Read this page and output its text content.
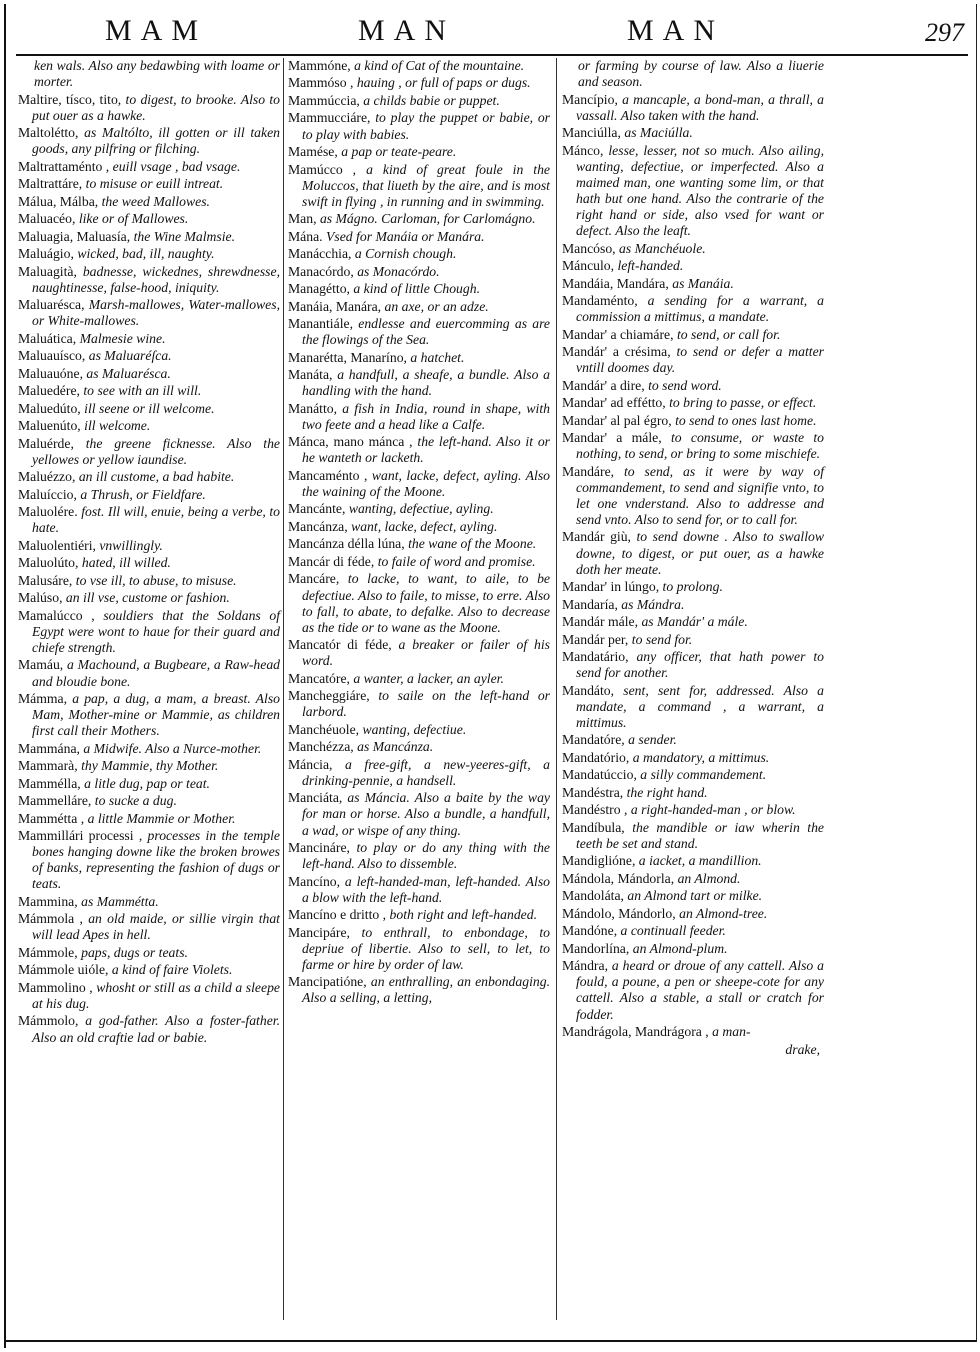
MAM	MAN	MAN	297
ken wals. Also any bedawbing with loame or morter.
Maltire, tísco, tito, to digest, to brooke. Also to put ouer as a hawke.
Maltolétto, as Maltólto, ill gotten or ill taken goods, any pilfring or filching.
Maltrattaménto , euill vsage , bad vsage.
Maltrattáre, to misuse or euill intreat.
Málua, Málba, the weed Mallowes.
Maluacéo, like or of Mallowes.
Maluagia, Maluasía, the Wine Malmsie.
Maluágio, wicked, bad, ill, naughty.
Maluagità, badnesse, wickednes, shrewdnesse, naughtinesse, false-hood, iniquity.
Maluarésca, Marsh-mallowes, Water-mallowes, or White-mallowes.
Maluática, Malmesie wine.
Maluauísco, as Maluaréſca.
Maluauóne, as Maluarésca.
Maluedére, to see with an ill will.
Maluedúto, ill seene or ill welcome.
Maluenúto, ill welcome.
Maluérde, the greene ficknesse. Also the yellowes or yellow iaundise.
Maluézzo, an ill custome, a bad habite.
Maluíccio, a Thrush, or Fieldfare.
Maluolére. fost. Ill will, enuie, being a verbe, to hate.
Maluolentiéri, vnwillingly.
Maluolúto, hated, ill willed.
Malusáre, to vse ill, to abuse, to misuse.
Malúso, an ill vse, custome or fashion.
Mamalúcco , souldiers that the Soldans of Egypt were wont to haue for their guard and chiefe strength.
Mamáu, a Machound, a Bugbeare, a Raw-head and bloudie bone.
Mámma, a pap, a dug, a mam, a breast. Also Mam, Mother-mine or Mammie, as children first call their Mothers.
Mammána, a Midwife. Also a Nurce-mother.
Mammarà, thy Mammie, thy Mother.
Mammélla, a litle dug, pap or teat.
Mammelláre, to sucke a dug.
Mammétta , a little Mammie or Mother.
Mammillári processi , processes in the temple bones hanging downe like the broken browes of banks, representing the fashion of dugs or teats.
Mammina, as Mammétta.
Mámmola , an old maide, or sillie virgin that will lead Apes in hell.
Mámmole, paps, dugs or teats.
Mámmole uióle, a kind of faire Violets.
Mammolino , whosht or still as a child a sleepe at his dug.
Mámmolo, a god-father. Also a foster-father. Also an old craftie lad or babie.
Mammóne, a kind of Cat of the mountaine.
Mammóso , hauing , or full of paps or dugs.
Mammúccia, a childs babie or puppet.
Mammucciáre, to play the puppet or babie, or to play with babies.
Mamése, a pap or teate-peare.
Mamúcco , a kind of great foule in the Moluccos, that liueth by the aire, and is most swift in flying , in running and in swimming.
Man, as Mágno. Carloman, for Carlomágno.
Mána. Vsed for Manáia or Manára.
Manácchia, a Cornish chough.
Manacórdo, as Monacórdo.
Managétto, a kind of little Chough.
Manáia, Manára, an axe, or an adze.
Manantiále, endlesse and euercomming as are the flowings of the Sea.
Manarétta, Manaríno, a hatchet.
Manáta, a handfull, a sheafe, a bundle. Also a handling with the hand.
Manátto, a fish in India, round in shape, with two feete and a head like a Calfe.
Mánca, mano mánca , the left-hand. Also it or he wanteth or lacketh.
Mancaménto , want, lacke, defect, ayling. Also the waining of the Moone.
Mancánte, wanting, defectiue, ayling.
Mancánza, want, lacke, defect, ayling.
Mancánza délla lúna, the wane of the Moone.
Mancár di féde, to faile of word and promise.
Mancáre, to lacke, to want, to aile, to be defectiue. Also to faile, to misse, to erre. Also to fall, to abate, to defalke. Also to decrease as the tide or to wane as the Moone.
Mancatór di féde, a breaker or failer of his word.
Mancatóre, a wanter, a lacker, an ayler.
Mancheggiáre, to saile on the left-hand or larbord.
Manchéuole, wanting, defectiue.
Manchézza, as Mancánza.
Máncia, a free-gift, a new-yeeres-gift, a drinking-pennie, a handsell.
Manciáta, as Máncia. Also a baite by the way for man or horse. Also a bundle, a handfull, a wad, or wispe of any thing.
Mancináre, to play or do any thing with the left-hand. Also to dissemble.
Mancíno, a left-handed-man, left-handed. Also a blow with the left-hand.
Mancíno e dritto , both right and left-handed.
Mancipáre, to enthrall, to enbondage, to depriue of libertie. Also to sell, to let, to farme or hire by order of law.
Mancipatióne, an enthralling, an enbondaging. Also a selling, a letting,
or farming by course of law. Also a liuerie and season.
Mancípio, a mancaple, a bond-man, a thrall, a vassall. Also taken with the hand.
Manciúlla, as Maciúlla.
Mánco, lesse, lesser, not so much. Also ailing, wanting, defectiue, or imperfected. Also a maimed man, one wanting some lim, or that hath but one hand. Also the contrarie of the right hand or side, also vsed for want or defect. Also the leaft.
Mancóso, as Manchéuole.
Mánculo, left-handed.
Mandáia, Mandára, as Manáia.
Mandaménto, a sending for a warrant, a commission a mittimus, a mandate.
Mandar' a chiamáre, to send, or call for.
Mandár' a crésima, to send or defer a matter vntill doomes day.
Mandár' a dire, to send word.
Mandar' ad effétto, to bring to passe, or effect.
Mandar' al pal égro, to send to ones last home.
Mandar' a mále, to consume, or waste to nothing, to send, or bring to some mischiefe.
Mandáre, to send, as it were by way of commandement, to send and signifie vnto, to let one vnderstand. Also to addresse and send vnto. Also to send for, or to call for.
Mandár giù, to send downe . Also to swallow downe, to digest, or put ouer, as a hawke doth her meate.
Mandar' in lúngo, to prolong.
Mandaría, as Mándra.
Mandár mále, as Mandár' a mále.
Mandár per, to send for.
Mandatário, any officer, that hath power to send for another.
Mandáto, sent, sent for, addressed. Also a mandate, a command , a warrant, a mittimus.
Mandatóre, a sender.
Mandatório, a mandatory, a mittimus.
Mandatúccio, a silly commandement.
Mandéstra, the right hand.
Mandéstro , a right-handed-man , or blow.
Mandíbula, the mandible or iaw wherin the teeth be set and stand.
Mandiglióne, a iacket, a mandillion.
Mándola, Mándorla, an Almond.
Mandoláta, an Almond tart or milke.
Mándolo, Mándorlo, an Almond-tree.
Mandóne, a continuall feeder.
Mandorlína, an Almond-plum.
Mándra, a heard or droue of any cattell. Also a fould, a poune, a pen or sheepe-cote for any cattell. Also a stable, a stall or cratch for fodder.
Mandrágola, Mandrágora , a man-
drake,
